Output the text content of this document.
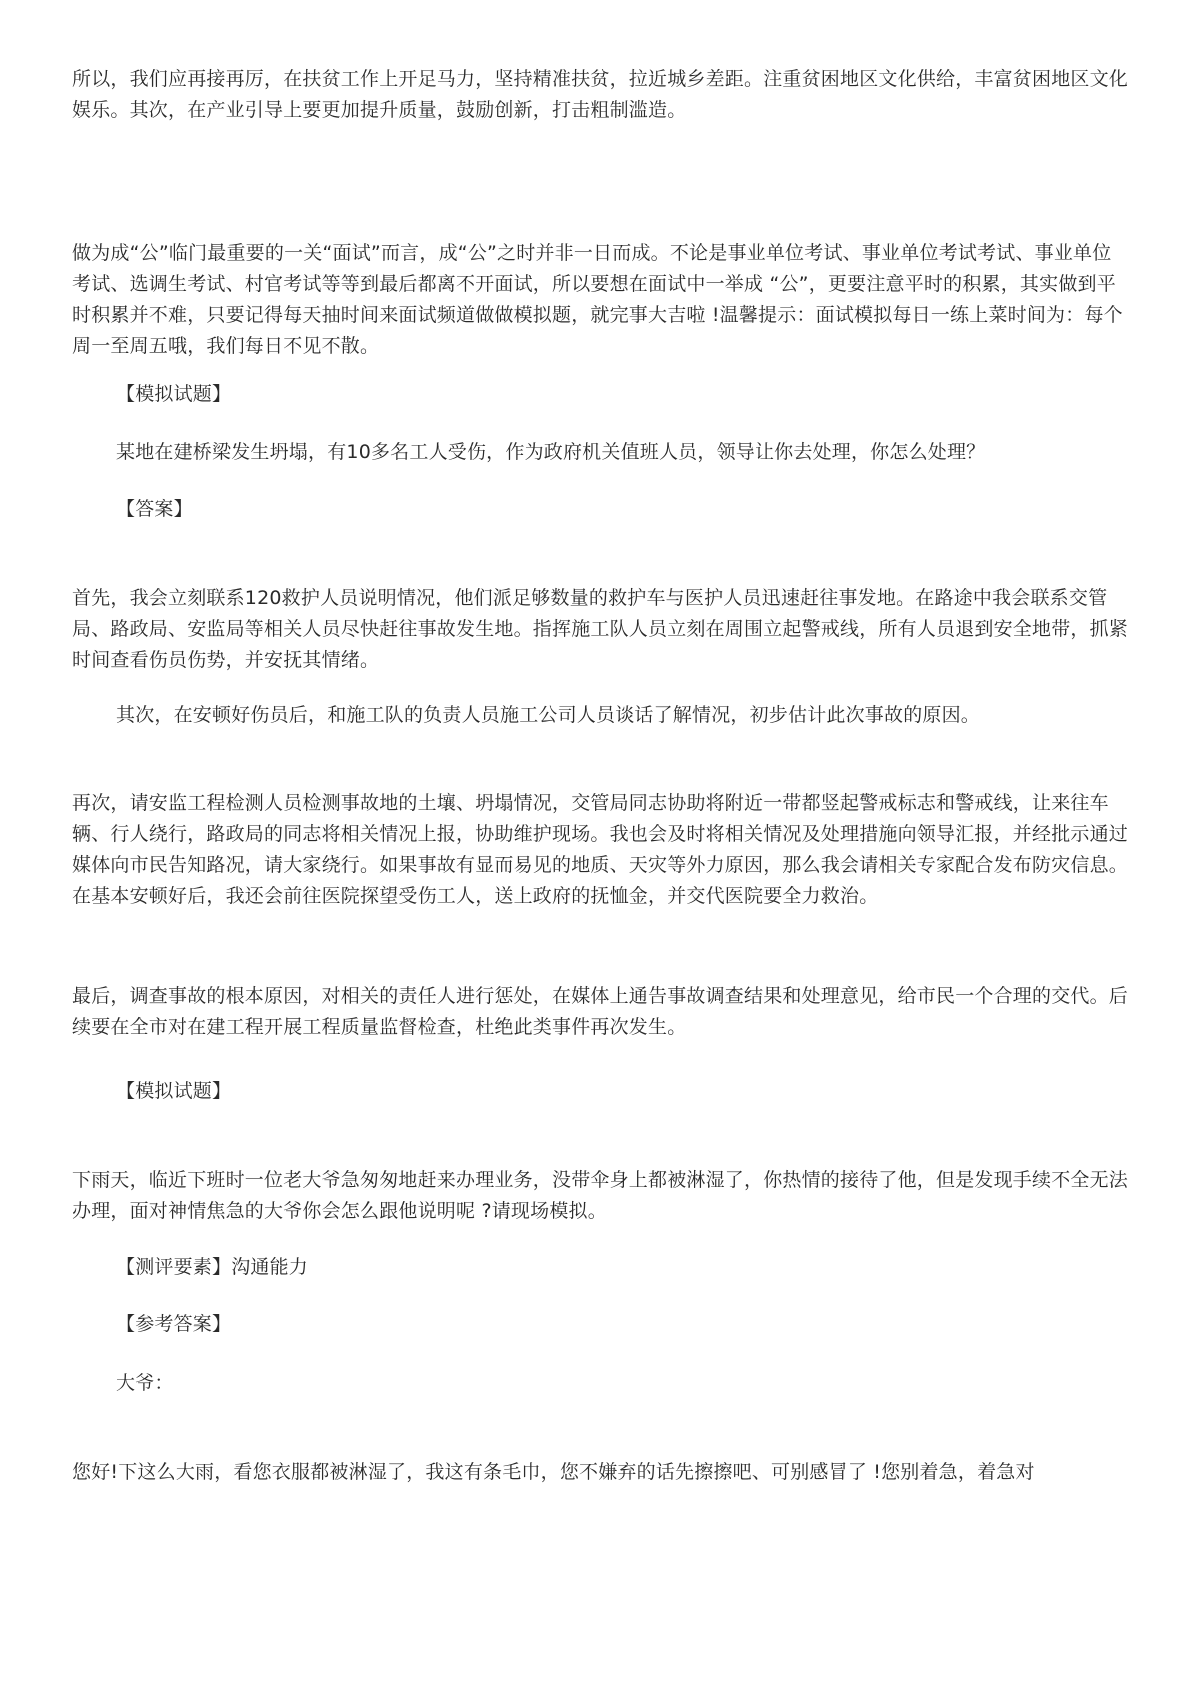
所以，我们应再接再厉，在扶贫工作上开足马力，坚持精准扶贫，拉近城乡差距。注重贫困地区文化供给，丰富贫困地区文化娱乐。其次，在产业引导上要更加提升质量，鼓励创新，打击粗制滥造。

做为成“公”临门最重要的一关“面试”而言，成“公”之时并非一日而成。不论是事业单位考试、事业单位考试考试、事业单位考试、选调生考试、村官考试等等到最后都离不开面试，所以要想在面试中一举成 “公”，更要注意平时的积累，其实做到平时积累并不难，只要记得每天抽时间来面试频道做做模拟题，就完事大吉啦 !温馨提示：面试模拟每日一练上菜时间为：每个周一至周五哦，我们每日不见不散。

【模拟试题】

某地在建桥梁发生坍塌，有10多名工人受伤，作为政府机关值班人员，领导让你去处理，你怎么处理？

【答案】

首先，我会立刻联系120救护人员说明情况，他们派足够数量的救护车与医护人员迅速赶往事发地。在路途中我会联系交管局、路政局、安监局等相关人员尽快赶往事故发生地。指挥施工队人员立刻在周围立起警戒线，所有人员退到安全地带，抓紧时间查看伤员伤势，并安抚其情绪。

其次，在安顿好伤员后，和施工队的负责人员施工公司人员谈话了解情况，初步估计此次事故的原因。

再次，请安监工程检测人员检测事故地的土壤、坍塌情况，交管局同志协助将附近一带都竖起警戒标志和警戒线，让来往车辆、行人绕行，路政局的同志将相关情况上报，协助维护现场。我也会及时将相关情况及处理措施向领导汇报，并经批示通过媒体向市民告知路况，请大家绕行。如果事故有显而易见的地质、天灾等外力原因，那么我会请相关专家配合发布防灾信息。在基本安顿好后，我还会前往医院探望受伤工人，送上政府的抚恤金，并交代医院要全力救治。

最后，调查事故的根本原因，对相关的责任人进行惩处，在媒体上通告事故调查结果和处理意见，给市民一个合理的交代。后续要在全市对在建工程开展工程质量监督检查，杜绝此类事件再次发生。

【模拟试题】

下雨天，临近下班时一位老大爷急匆匆地赶来办理业务，没带伞身上都被淋湿了，你热情的接待了他，但是发现手续不全无法办理，面对神情焦急的大爷你会怎么跟他说明呢 ?请现场模拟。

【测评要素】沟通能力

【参考答案】

大爷：

您好!下这么大雨，看您衣服都被淋湿了，我这有条毛巾，您不嫌弃的话先擦擦吧、可别感冒了 !您别着急，着急对
